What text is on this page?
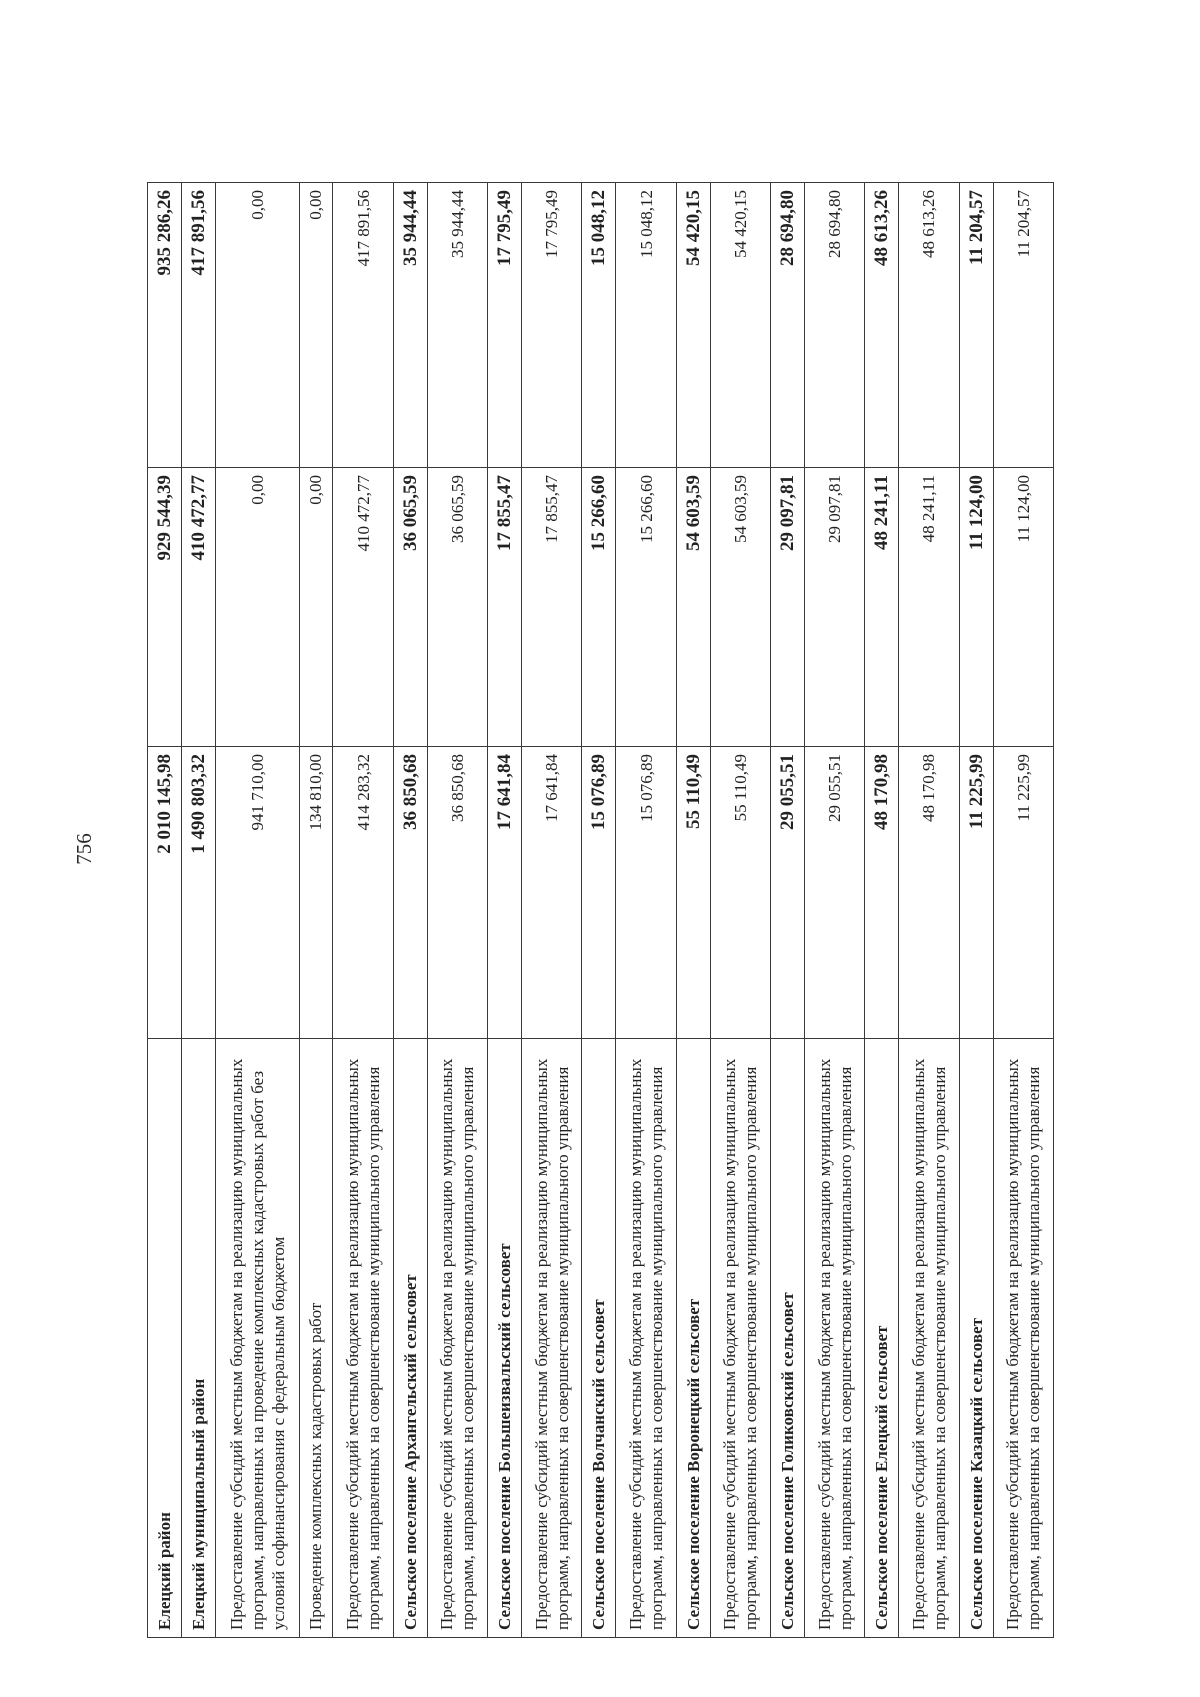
756
Елецкий район	2 010 145,98	929 544,39	935 286,26
Елецкий муниципальный район	1 490 803,32	410 472,77	417 891,56
Предоставление субсидий местным бюджетам на реализацию муниципальных программ, направленных на проведение комплексных кадастровых работ без условий софинансирования с федеральным бюджетом	941 710,00	0,00	0,00
Проведение комплексных кадастровых работ	134 810,00	0,00	0,00
Предоставление субсидий местным бюджетам на реализацию муниципальных программ, направленных на совершенствование муниципального управления	414 283,32	410 472,77	417 891,56
Сельское поселение Архангельский сельсовет	36 850,68	36 065,59	35 944,44
Предоставление субсидий местным бюджетам на реализацию муниципальных программ, направленных на совершенствование муниципального управления	36 850,68	36 065,59	35 944,44
Сельское поселение Большеизвальский сельсовет	17 641,84	17 855,47	17 795,49
Предоставление субсидий местным бюджетам на реализацию муниципальных программ, направленных на совершенствование муниципального управления	17 641,84	17 855,47	17 795,49
Сельское поселение Волчанский сельсовет	15 076,89	15 266,60	15 048,12
Предоставление субсидий местным бюджетам на реализацию муниципальных программ, направленных на совершенствование муниципального управления	15 076,89	15 266,60	15 048,12
Сельское поселение Воронецкий сельсовет	55 110,49	54 603,59	54 420,15
Предоставление субсидий местным бюджетам на реализацию муниципальных программ, направленных на совершенствование муниципального управления	55 110,49	54 603,59	54 420,15
Сельское поселение Голиковский сельсовет	29 055,51	29 097,81	28 694,80
Предоставление субсидий местным бюджетам на реализацию муниципальных программ, направленных на совершенствование муниципального управления	29 055,51	29 097,81	28 694,80
Сельское поселение Елецкий сельсовет	48 170,98	48 241,11	48 613,26
Предоставление субсидий местным бюджетам на реализацию муниципальных программ, направленных на совершенствование муниципального управления	48 170,98	48 241,11	48 613,26
Сельское поселение Казацкий сельсовет	11 225,99	11 124,00	11 204,57
Предоставление субсидий местным бюджетам на реализацию муниципальных программ, направленных на совершенствование муниципального управления	11 225,99	11 124,00	11 204,57
